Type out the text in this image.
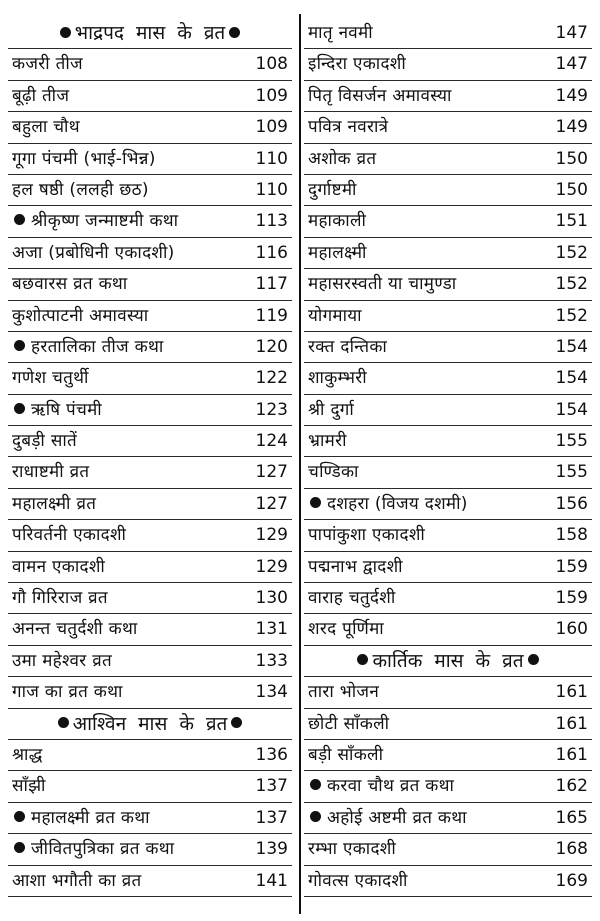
भाद्रपद मास के व्रत
कजरी तीज	108
बूढ़ी तीज	109
बहुला चौथ	109
गूगा पंचमी (भाई-भिन्न)	110
हल षष्ठी (ललही छठ)	110
श्रीकृष्ण जन्माष्टमी कथा	113
अजा (प्रबोधिनी एकादशी)	116
बछवारस व्रत कथा	117
कुशोत्पाटनी अमावस्या	119
हरतालिका तीज कथा	120
गणेश चतुर्थी	122
ऋषि पंचमी	123
दुबड़ी सातें	124
राधाष्टमी व्रत	127
महालक्ष्मी व्रत	127
परिवर्तनी एकादशी	129
वामन एकादशी	129
गौ गिरिराज व्रत	130
अनन्त चतुर्दशी कथा	131
उमा महेश्वर व्रत	133
गाज का व्रत कथा	134
आश्विन मास के व्रत
श्राद्ध	136
साँझी	137
महालक्ष्मी व्रत कथा	137
जीवितपुत्रिका व्रत कथा	139
आशा भगौती का व्रत	141
मातृ नवमी	147
इन्दिरा एकादशी	147
पितृ विसर्जन अमावस्या	149
पवित्र नवरात्रे	149
अशोक व्रत	150
दुर्गाष्टमी	150
महाकाली	151
महालक्ष्मी	152
महासरस्वती या चामुण्डा	152
योगमाया	152
रक्त दन्तिका	154
शाकुम्भरी	154
श्री दुर्गा	154
भ्रामरी	155
चण्डिका	155
दशहरा (विजय दशमी)	156
पापांकुशा एकादशी	158
पद्मनाभ द्वादशी	159
वाराह चतुर्दशी	159
शरद पूर्णिमा	160
कार्तिक मास के व्रत
तारा भोजन	161
छोटी साँकली	161
बड़ी साँकली	161
करवा चौथ व्रत कथा	162
अहोई अष्टमी व्रत कथा	165
रम्भा एकादशी	168
गोवत्स एकादशी	169
